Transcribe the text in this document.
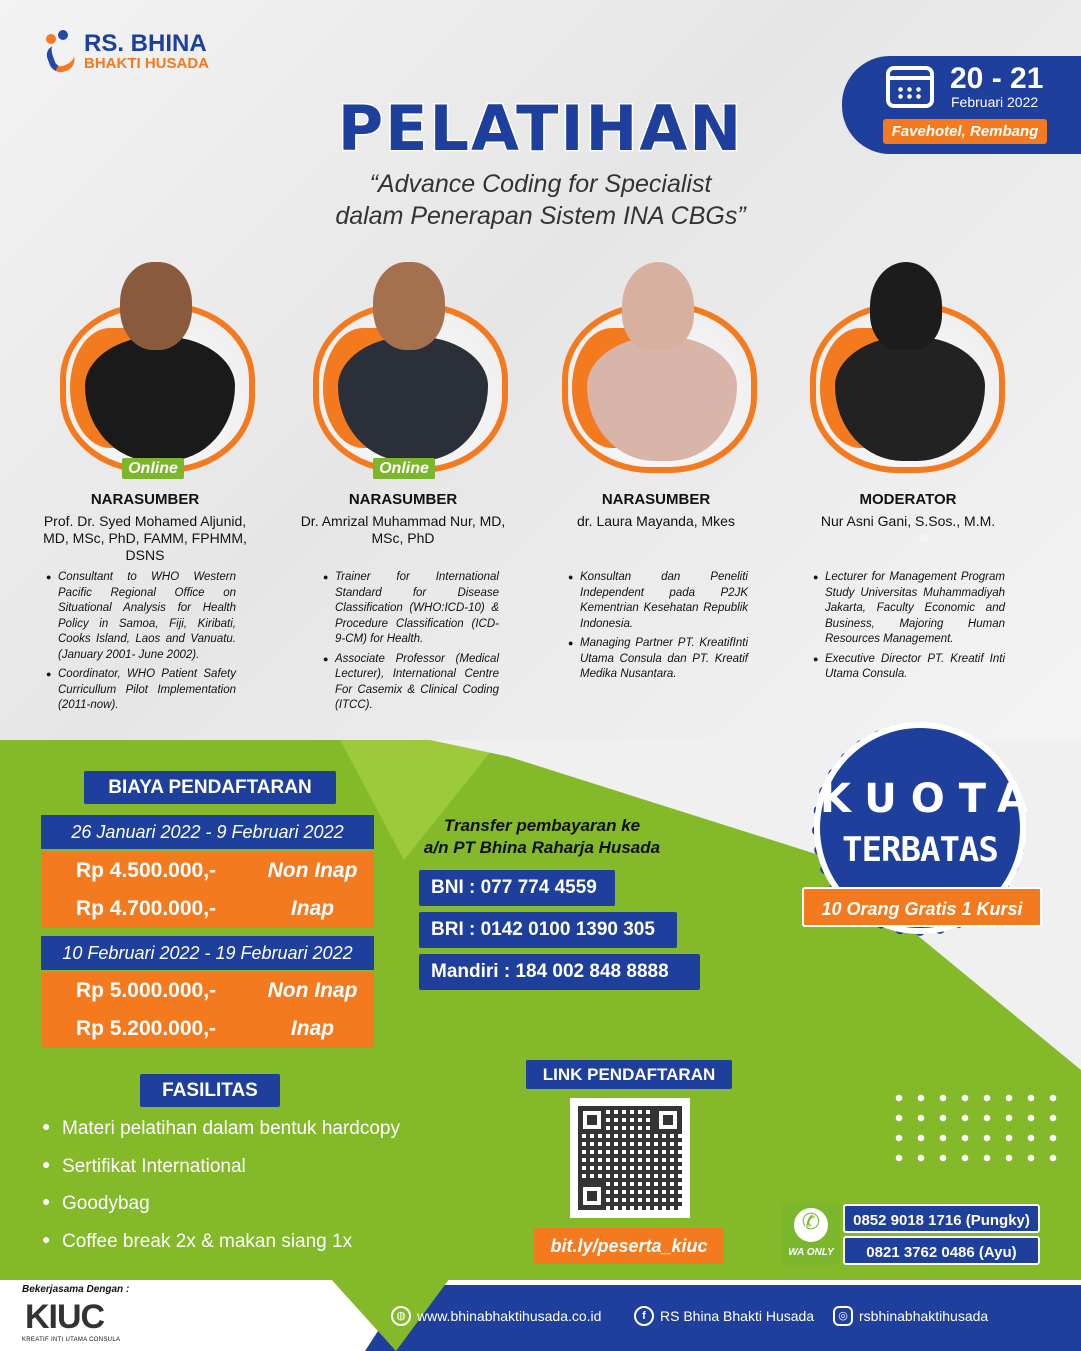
RS. BHINA
BHAKTI HUSADA	20 - 21
Februari 2022
Favehotel, Rembang
PELATIHAN
“Advance Coding for Specialist
dalam Penerapan Sistem INA CBGs”
Online	Online
NARASUMBER
Prof. Dr. Syed Mohamed Aljunid, MD, MSc, PhD, FAMM, FPHMM, DSNS
● Consultant to WHO Western Pacific Regional Office on Situational Analysis for Health Policy in Samoa, Fiji, Kiribati, Cooks Island, Laos and Vanuatu. (January 2001- June 2002).
● Coordinator, WHO Patient Safety Curricullum Pilot Implementation (2011-now).
NARASUMBER
Dr. Amrizal Muhammad Nur, MD, MSc, PhD
● Trainer for International Standard for Disease Classification (WHO:ICD-10) & Procedure Classification (ICD-9-CM) for Health.
● Associate Professor (Medical Lecturer), International Centre For Casemix & Clinical Coding (ITCC).
NARASUMBER
dr. Laura Mayanda, Mkes
● Konsultan dan Peneliti Independent pada P2JK Kementrian Kesehatan Republik Indonesia.
● Managing Partner PT. KreatifInti Utama Consula dan PT. Kreatif Medika Nusantara.
MODERATOR
Nur Asni Gani, S.Sos., M.M.
● Lecturer for Management Program Study Universitas Muhammadiyah Jakarta, Faculty Economic and Business, Majoring Human Resources Management.
● Executive Director PT. Kreatif Inti Utama Consula.
BIAYA PENDAFTARAN
26 Januari 2022 - 9 Februari 2022
Rp 4.500.000,-	Non Inap
Rp 4.700.000,-	Inap
10 Februari 2022 - 19 Februari 2022
Rp 5.000.000,-	Non Inap
Rp 5.200.000,-	Inap
FASILITAS
● Materi pelatihan dalam bentuk hardcopy
● Sertifikat International
● Goodybag
● Coffee break 2x & makan siang 1x
Transfer pembayaran ke
a/n PT Bhina Raharja Husada
BNI : 077 774 4559
BRI : 0142 0100 1390 305
Mandiri : 184 002 848 8888
LINK PENDAFTARAN
bit.ly/peserta_kiuc
KUOTA
TERBATAS
10 Orang Gratis 1 Kursi
✆
WA ONLY
0852 9018 1716 (Pungky)
0821 3762 0486 (Ayu)
Bekerjasama Dengan :
KIUC
KREATIF INTI UTAMA CONSULA
◍ www.bhinabhaktihusada.co.id	f	RS Bhina Bhakti Husada	◎ rsbhinabhaktihusada
